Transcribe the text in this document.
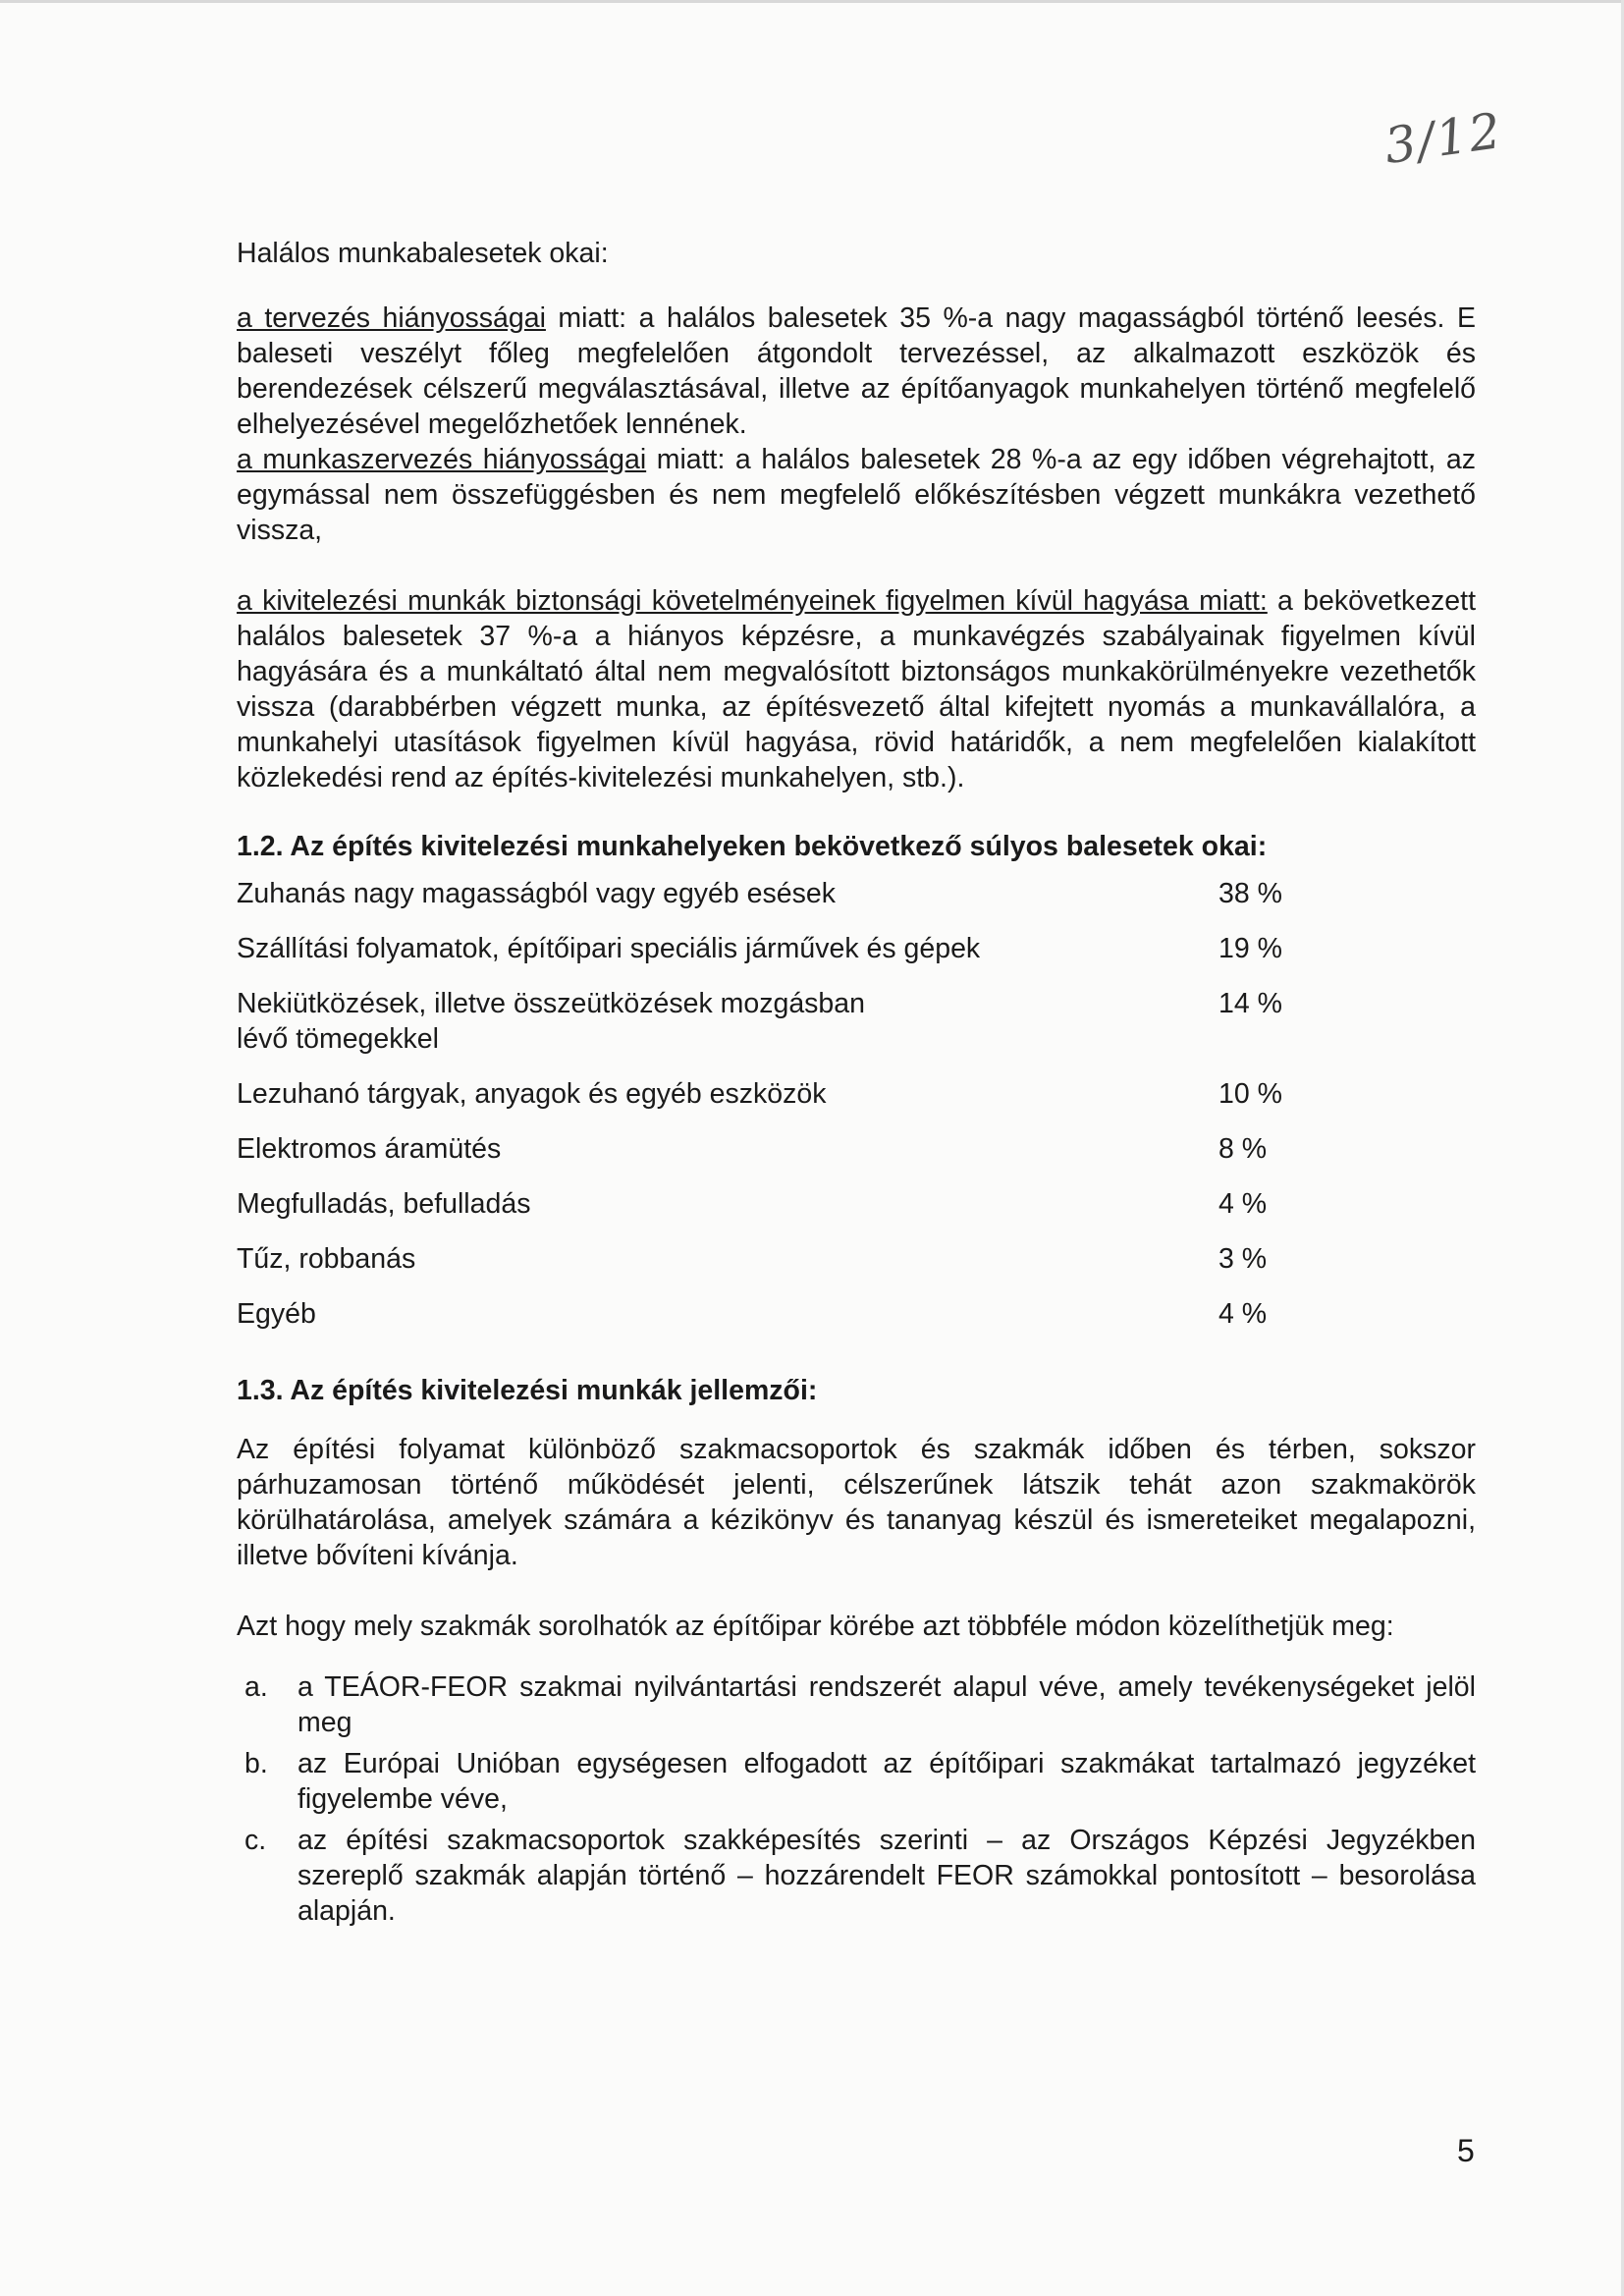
3/12

Halálos munkabalesetek okai:

a tervezés hiányosságai miatt: a halálos balesetek 35 %-a nagy magasságból történő leesés. E baleseti veszélyt főleg megfelelően átgondolt tervezéssel, az alkalmazott eszközök és berendezések célszerű megválasztásával, illetve az építőanyagok munkahelyen történő megfelelő elhelyezésével megelőzhetőek lennének.

a munkaszervezés hiányosságai miatt: a halálos balesetek 28 %-a az egy időben végrehajtott, az egymással nem összefüggésben és nem megfelelő előkészítésben végzett munkákra vezethető vissza,

a kivitelezési munkák biztonsági követelményeinek figyelmen kívül hagyása miatt: a bekövetkezett halálos balesetek 37 %-a a hiányos képzésre, a munkavégzés szabályainak figyelmen kívül hagyására és a munkáltató által nem megvalósított biztonságos munkakörülményekre vezethetők vissza (darabbérben végzett munka, az építésvezető által kifejtett nyomás a munkavállalóra, a munkahelyi utasítások figyelmen kívül hagyása, rövid határidők, a nem megfelelően kialakított közlekedési rend az építés-kivitelezési munkahelyen, stb.).

1.2. Az építés kivitelezési munkahelyeken bekövetkező súlyos balesetek okai:
Zuhanás nagy magasságból vagy egyéb esések	38 %
Szállítási folyamatok, építőipari speciális járművek és gépek	19 %
Nekiütközések, illetve összeütközések mozgásban	14 %
lévő tömegekkel	
Lezuhanó tárgyak, anyagok és egyéb eszközök	10 %
Elektromos áramütés	8 %
Megfulladás, befulladás	4 %
Tűz, robbanás	3 %
Egyéb	4 %
1.3. Az építés kivitelezési munkák jellemzői:

Az építési folyamat különböző szakmacsoportok és szakmák időben és térben, sokszor párhuzamosan történő működését jelenti, célszerűnek látszik tehát azon szakmakörök körülhatárolása, amelyek számára a kézikönyv és tananyag készül és ismereteiket megalapozni, illetve bővíteni kívánja.

Azt hogy mely szakmák sorolhatók az építőipar körébe azt többféle módon közelíthetjük meg:

a. a TEÁOR-FEOR szakmai nyilvántartási rendszerét alapul véve, amely tevékenységeket jelöl meg
b. az Európai Unióban egységesen elfogadott az építőipari szakmákat tartalmazó jegyzéket figyelembe véve,
c. az építési szakmacsoportok szakképesítés szerinti – az Országos Képzési Jegyzékben szereplő szakmák alapján történő – hozzárendelt FEOR számokkal pontosított – besorolása alapján.
5
